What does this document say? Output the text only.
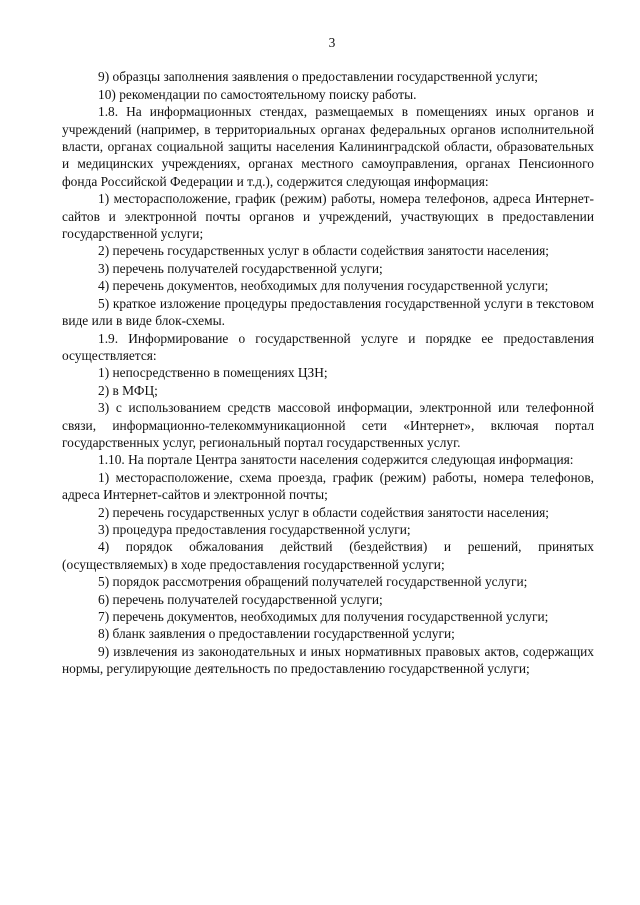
3

9) образцы заполнения заявления о предоставлении государственной услуги;

10) рекомендации по самостоятельному поиску работы.

1.8. На информационных стендах, размещаемых в помещениях иных органов и учреждений (например, в территориальных органах федеральных органов исполнительной власти, органах социальной защиты населения Калининградской области, образовательных и медицинских учреждениях, органах местного самоуправления, органах Пенсионного фонда Российской Федерации и т.д.), содержится следующая информация:

1) месторасположение, график (режим) работы, номера телефонов, адреса Интернет-сайтов и электронной почты органов и учреждений, участвующих в предоставлении государственной услуги;

2) перечень государственных услуг в области содействия занятости населения;

3) перечень получателей государственной услуги;

4) перечень документов, необходимых для получения государственной услуги;

5) краткое изложение процедуры предоставления государственной услуги в текстовом виде или в виде блок-схемы.

1.9. Информирование о государственной услуге и порядке ее предоставления осуществляется:

1) непосредственно в помещениях ЦЗН;

2) в МФЦ;

3) с использованием средств массовой информации, электронной или телефонной связи, информационно-телекоммуникационной сети «Интернет», включая портал государственных услуг, региональный портал государственных услуг.

1.10. На портале Центра занятости населения содержится следующая информация:

1) месторасположение, схема проезда, график (режим) работы, номера телефонов, адреса Интернет-сайтов и электронной почты;

2) перечень государственных услуг в области содействия занятости населения;

3) процедура предоставления государственной услуги;

4) порядок обжалования действий (бездействия) и решений, принятых (осуществляемых) в ходе предоставления государственной услуги;

5) порядок рассмотрения обращений получателей государственной услуги;

6) перечень получателей государственной услуги;

7) перечень документов, необходимых для получения государственной услуги;

8) бланк заявления о предоставлении государственной услуги;

9) извлечения из законодательных и иных нормативных правовых актов, содержащих нормы, регулирующие деятельность по предоставлению государственной услуги;
